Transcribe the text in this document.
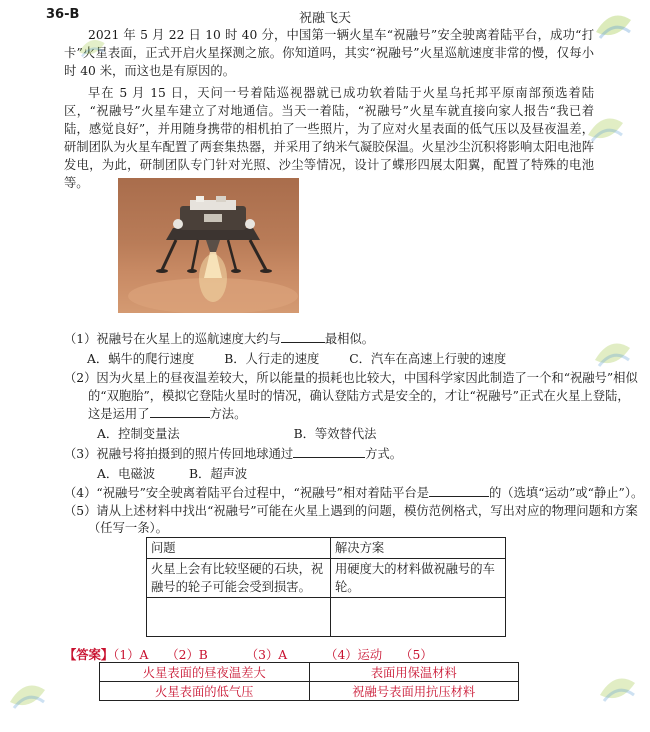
36-B	祝融飞天

2021 年 5 月 22 日 10 时 40 分，中国第一辆火星车“祝融号”安全驶离着陆平台，成功“打卡”火星表面，正式开启火星探测之旅。你知道吗，其实“祝融号”火星巡航速度非常的慢，仅每小时 40 米，而这也是有原因的。

早在 5 月 15 日，天问一号着陆巡视器就已成功软着陆于火星乌托邦平原南部预选着陆区，“祝融号”火星车建立了对地通信。当天一着陆，“祝融号”火星车就直接向家人报告“我已着陆，感觉良好”，并用随身携带的相机拍了一些照片，为了应对火星表面的低气压以及昼夜温差，研制团队为火星车配置了两套集热器，并采用了纳米气凝胶保温。火星沙尘沉积将影响太阳电池阵发电，为此，研制团队专门针对光照、沙尘等情况，设计了蝶形四展太阳翼，配置了特殊的电池等。

（1）祝融号在火星上的巡航速度大约与	最相似。
A．蜗牛的爬行速度 B．人行走的速度 C．汽车在高速上行驶的速度
（2）因为火星上的昼夜温差较大，所以能量的损耗也比较大，中国科学家因此制造了一个和“祝融号”相似
的“双胞胎”，模拟它登陆火星时的情况，确认登陆方式是安全的，才让“祝融号”正式在火星上登陆，
这是运用了	方法。
A．控制变量法	B．等效替代法
（3）祝融号将拍摄到的照片传回地球通过	方式。
A．电磁波	B．超声波
（4）“祝融号”安全驶离着陆平台过程中，“祝融号”相对着陆平台是	的（选填“运动”或“静止”）。
（5）请从上述材料中找出“祝融号”可能在火星上遇到的问题，模仿范例格式，写出对应的物理问题和方案
（任写一条）。
问题	解决方案
火星上会有比较坚硬的石块，祝融号的轮子可能会受到损害。	用硬度大的材料做祝融号的车轮。

【答案】（1）A （2）B	（3）A	（4）运动 （5）
火星表面的昼夜温差大	表面用保温材料
火星表面的低气压	祝融号表面用抗压材料
